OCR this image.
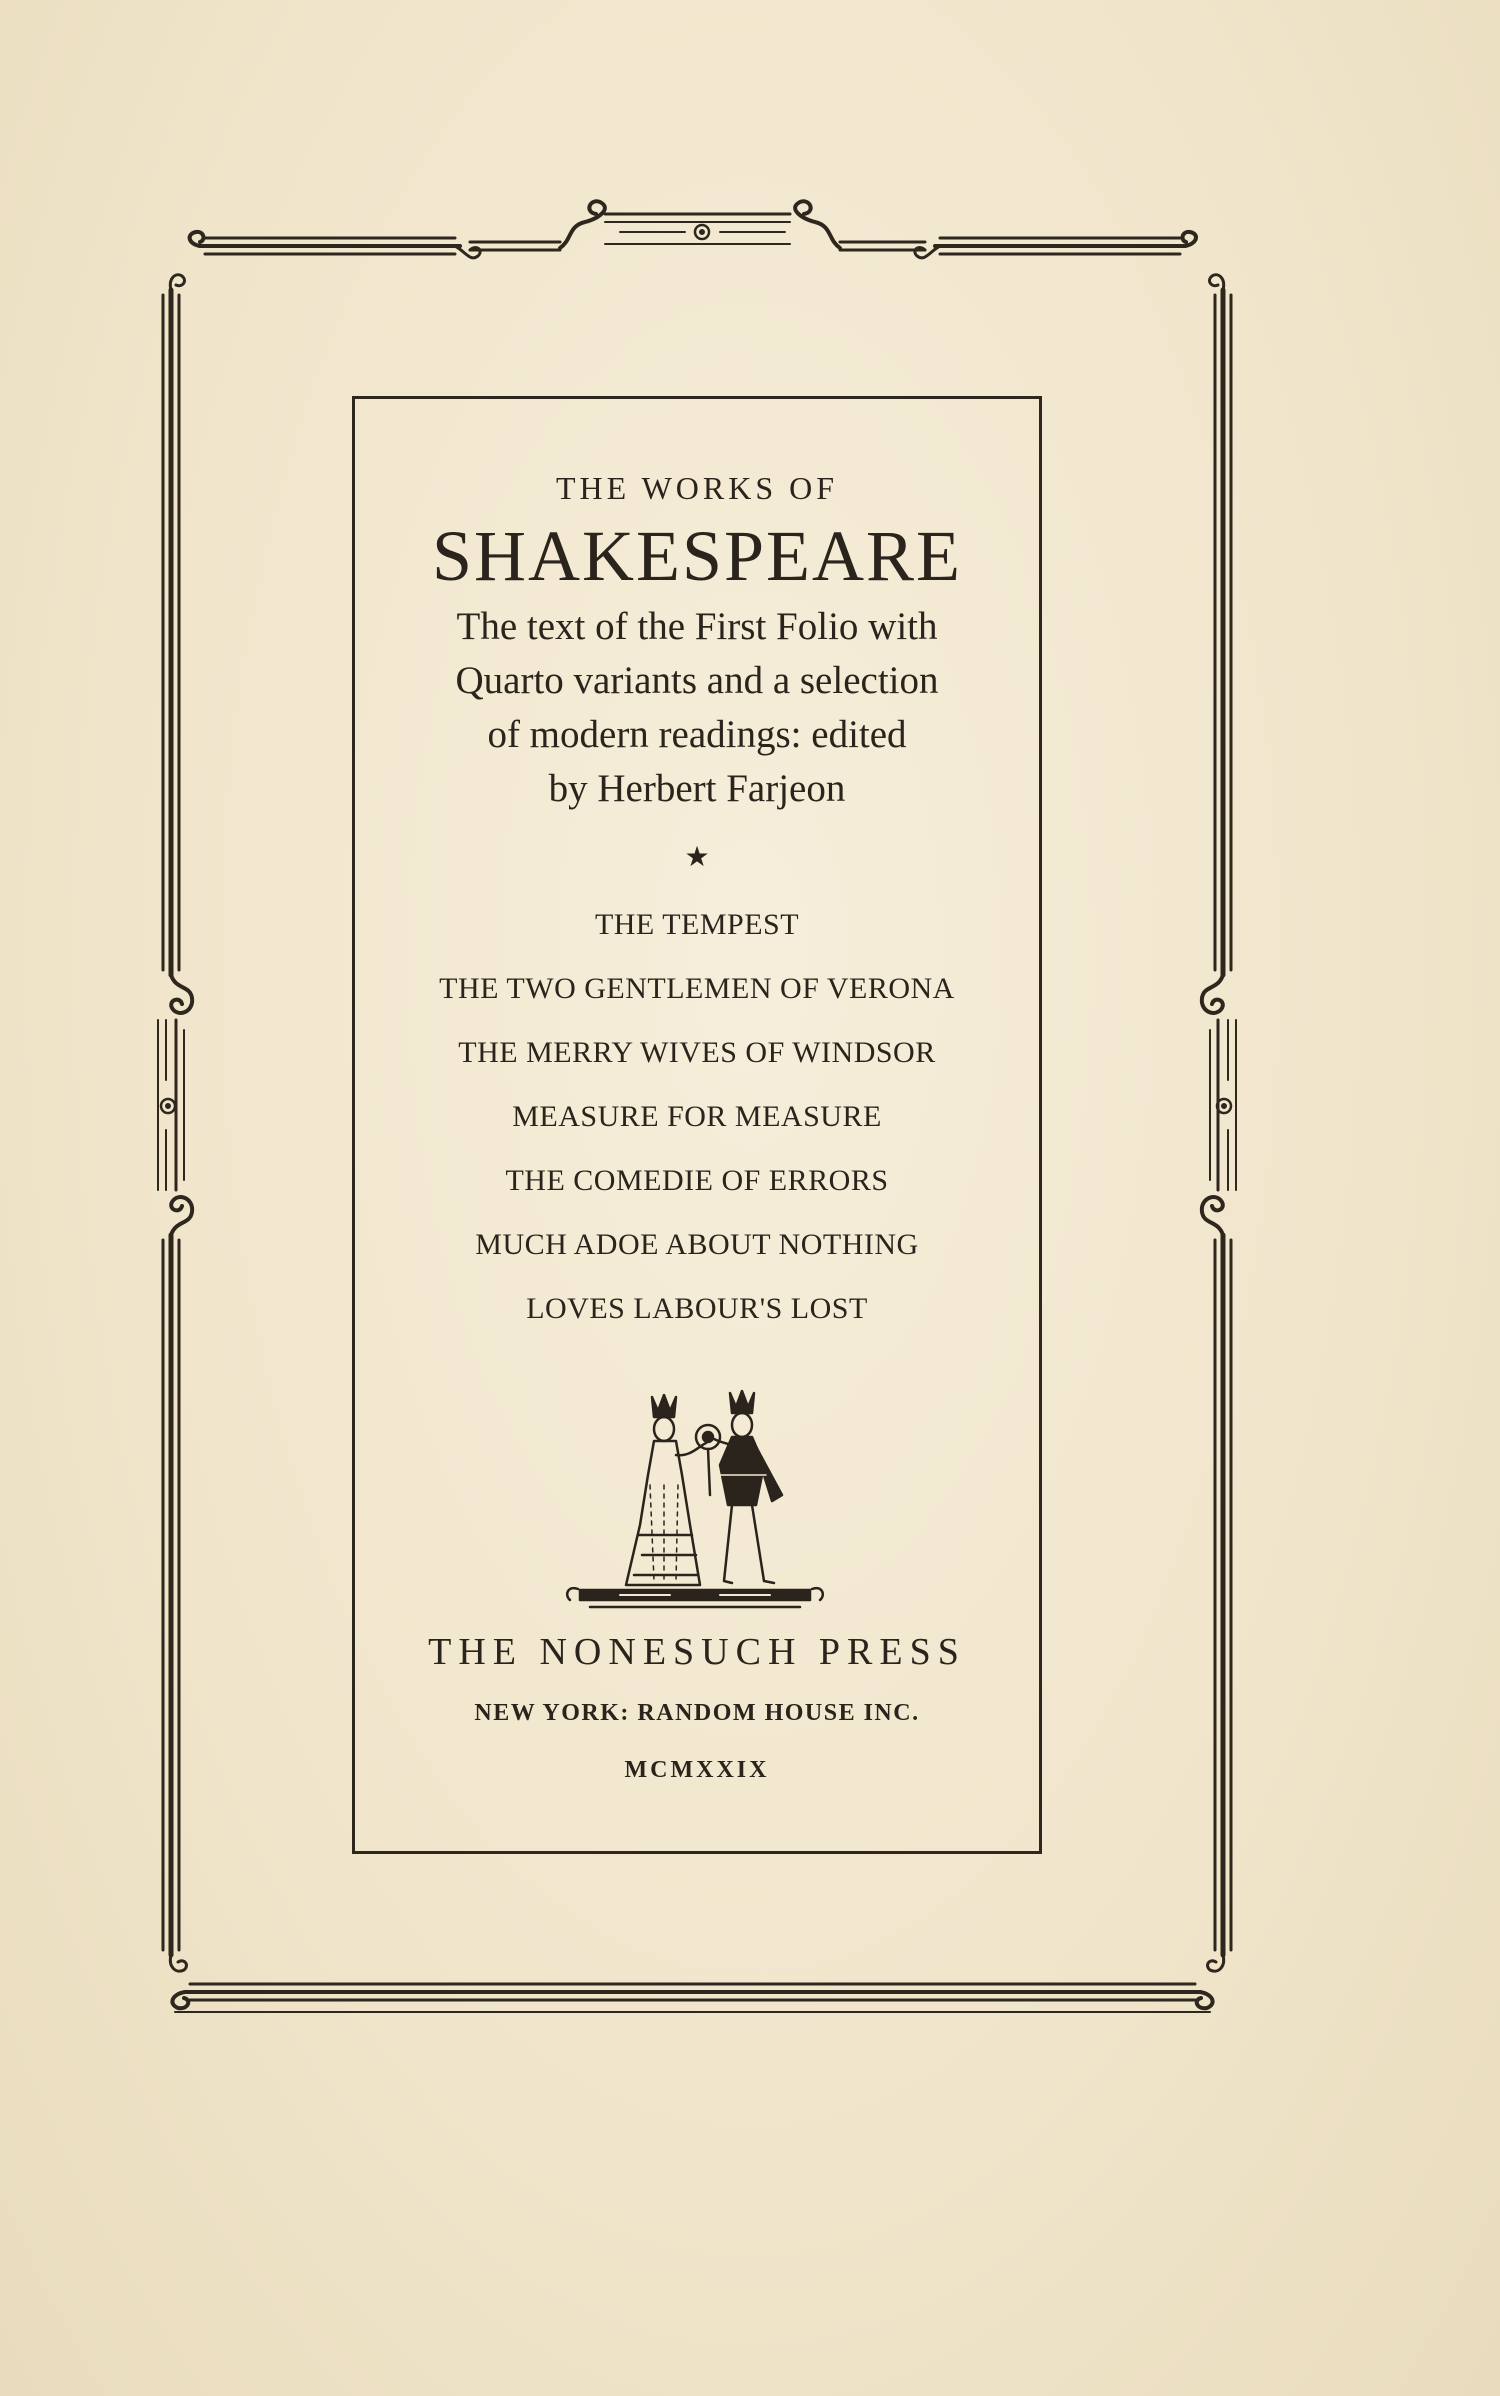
THE WORKS OF
SHAKESPEARE
The text of the First Folio with
Quarto variants and a selection
of modern readings: edited
by Herbert Farjeon
★
THE TEMPEST
THE TWO GENTLEMEN OF VERONA
THE MERRY WIVES OF WINDSOR
MEASURE FOR MEASURE
THE COMEDIE OF ERRORS
MUCH ADOE ABOUT NOTHING
LOVES LABOUR'S LOST
THE NONESUCH PRESS
NEW YORK: RANDOM HOUSE INC.
MCMXXIX
